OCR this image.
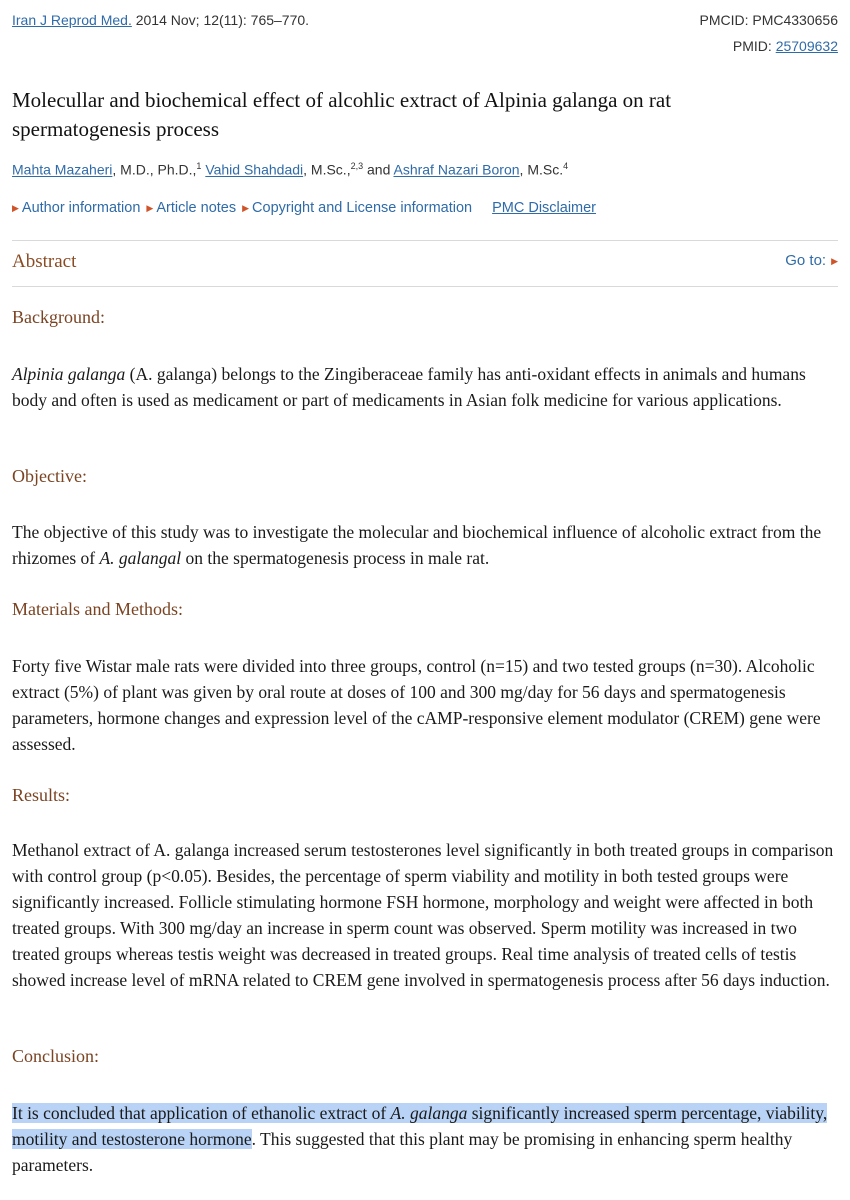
Iran J Reprod Med. 2014 Nov; 12(11): 765–770.	PMCID: PMC4330656
PMID: 25709632
Molecullar and biochemical effect of alcohlic extract of Alpinia galanga on rat spermatogenesis process
Mahta Mazaheri, M.D., Ph.D.,$^1$ Vahid Shahdadi, M.Sc.,$^{2,3}$ and Ashraf Nazari Boron, M.Sc.$^4$
▶ Author information ▶ Article notes ▶ Copyright and License information PMC Disclaimer
Abstract	Go to: ▶
Background:

Alpinia galanga (A. galanga) belongs to the Zingiberaceae family has anti-oxidant effects in animals and humans body and often is used as medicament or part of medicaments in Asian folk medicine for various applications.

Objective:

The objective of this study was to investigate the molecular and biochemical influence of alcoholic extract from the rhizomes of A. galangal on the spermatogenesis process in male rat.

Materials and Methods:

Forty five Wistar male rats were divided into three groups, control (n=15) and two tested groups (n=30). Alcoholic extract (5%) of plant was given by oral route at doses of 100 and 300 mg/day for 56 days and spermatogenesis parameters, hormone changes and expression level of the cAMP-responsive element modulator (CREM) gene were assessed.

Results:

Methanol extract of A. galanga increased serum testosterones level significantly in both treated groups in comparison with control group (p<0.05). Besides, the percentage of sperm viability and motility in both tested groups were significantly increased. Follicle stimulating hormone FSH hormone, morphology and weight were affected in both treated groups. With 300 mg/day an increase in sperm count was observed. Sperm motility was increased in two treated groups whereas testis weight was decreased in treated groups. Real time analysis of treated cells of testis showed increase level of mRNA related to CREM gene involved in spermatogenesis process after 56 days induction.

Conclusion:

It is concluded that application of ethanolic extract of A. galanga significantly increased sperm percentage, viability, motility and testosterone hormone. This suggested that this plant may be promising in enhancing sperm healthy parameters.
